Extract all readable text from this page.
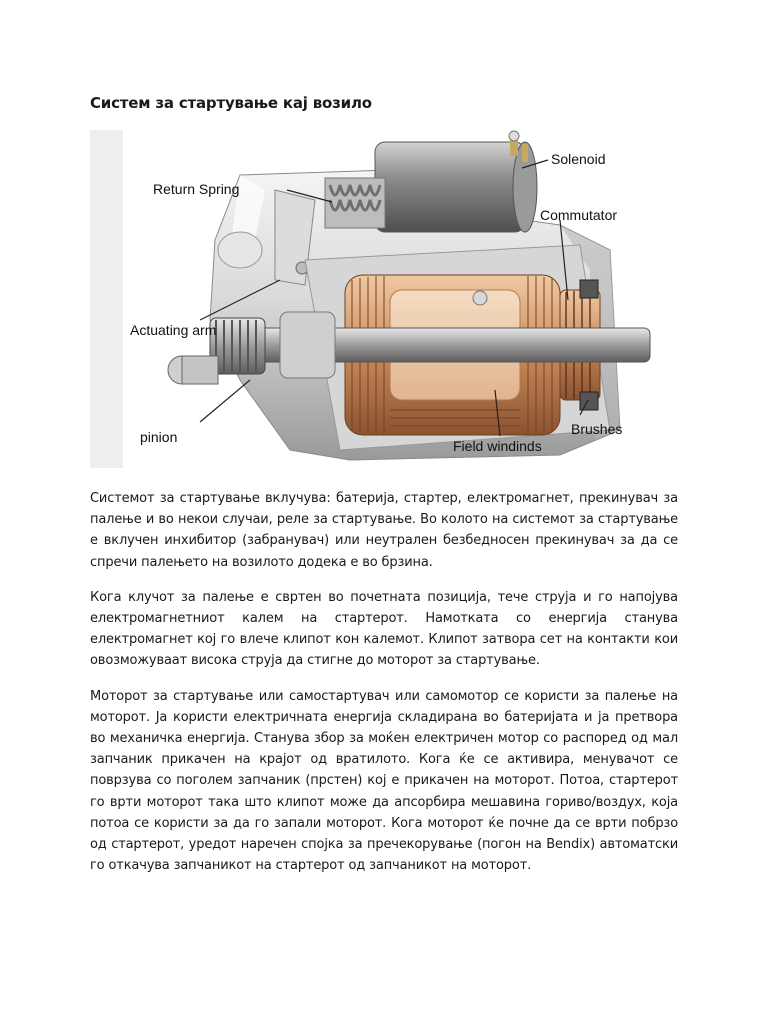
Систем за стартување кај возило
Solenoid
Return Spring
Commutator
Actuating arm
pinion	Brushes
Field windinds

Системот за стартување вклучува: батерија, стартер, електромагнет, прекинувач за палење и во некои случаи, реле за стартување. Во колото на системот за стартување е вклучен инхибитор (забранувач) или неутрален безбедносен прекинувач за да се спречи палењето на возилото додека е во брзина.

Кога клучот за палење е свртен во почетната позиција, тече струја и го напојува електромагнетниот калем на стартерот. Намотката со енергија станува електромагнет кој го влече клипот кон калемот. Клипот затвора сет на контакти кои овозможуваат висока струја да стигне до моторот за стартување.

Моторот за стартување или самостартувач или самомотор се користи за палење на моторот. Ја користи електричната енергија складирана во батеријата и ја претвора во механичка енергија. Станува збор за моќен електричен мотор со распоред од мал запчаник прикачен на крајот од вратилото. Кога ќе се активира, менувачот се поврзува со поголем запчаник (прстен) кој е прикачен на моторот. Потоа, стартерот го врти моторот така што клипот може да апсорбира мешавина гориво/воздух, која потоа се користи за да го запали моторот. Кога моторот ќе почне да се врти побрзо од стартерот, уредот наречен спојка за пречекорување (погон на Bendix) автоматски го откачува запчаникот на стартерот од запчаникот на моторот.
